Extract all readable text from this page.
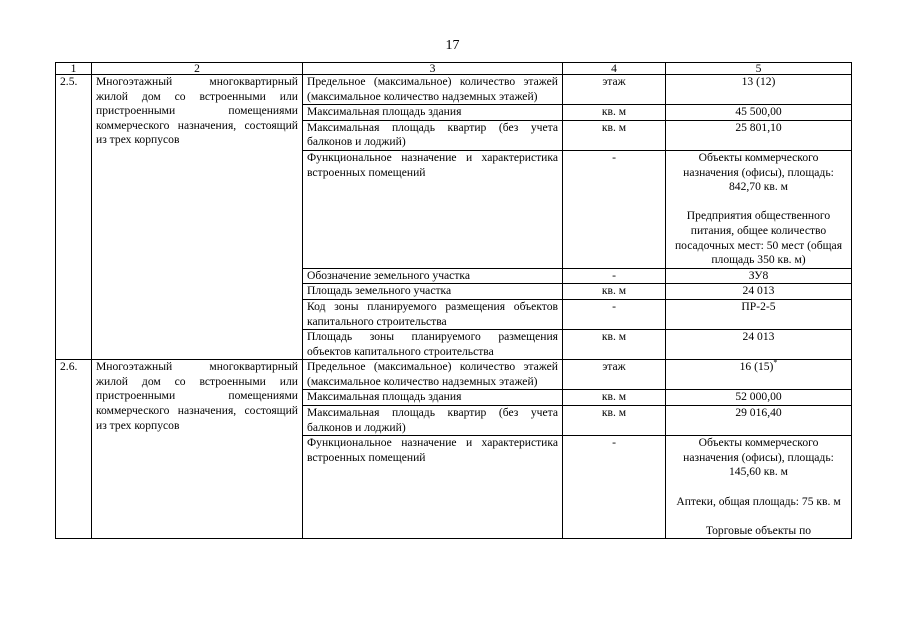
17
1	2	3	4	5
2.5.	Многоэтажный многоквартирный жилой дом со встроенными или пристроенными помещениями коммерческого назначения, состоящий из трех корпусов	Предельное (максимальное) количество этажей (максимальное количество надземных этажей)	этаж	13 (12)
		Максимальная площадь здания	кв. м	45 500,00
		Максимальная площадь квартир (без учета балконов и лоджий)	кв. м	25 801,10
		Функциональное назначение и характеристика встроенных помещений	-	Объекты коммерческого назначения (офисы), площадь: 842,70 кв. м
Предприятия общественного питания, общее количество посадочных мест: 50 мест (общая площадь 350 кв. м)

		Обозначение земельного участка	-	ЗУ8
		Площадь земельного участка	кв. м	24 013
		Код зоны планируемого размещения объектов капитального строительства	-	ПР-2-5
		Площадь зоны планируемого размещения объектов капитального строительства	кв. м	24 013
2.6.	Многоэтажный многоквартирный жилой дом со встроенными или пристроенными помещениями коммерческого назначения, состоящий из трех корпусов	Предельное (максимальное) количество этажей (максимальное количество надземных этажей)	этаж	16 (15)*
		Максимальная площадь здания	кв. м	52 000,00
		Максимальная площадь квартир (без учета балконов и лоджий)	кв. м	29 016,40
		Функциональное назначение и характеристика встроенных помещений	-	Объекты коммерческого назначения (офисы), площадь: 145,60 кв. м
Аптеки, общая площадь: 75 кв. м
Торговые объекты по
